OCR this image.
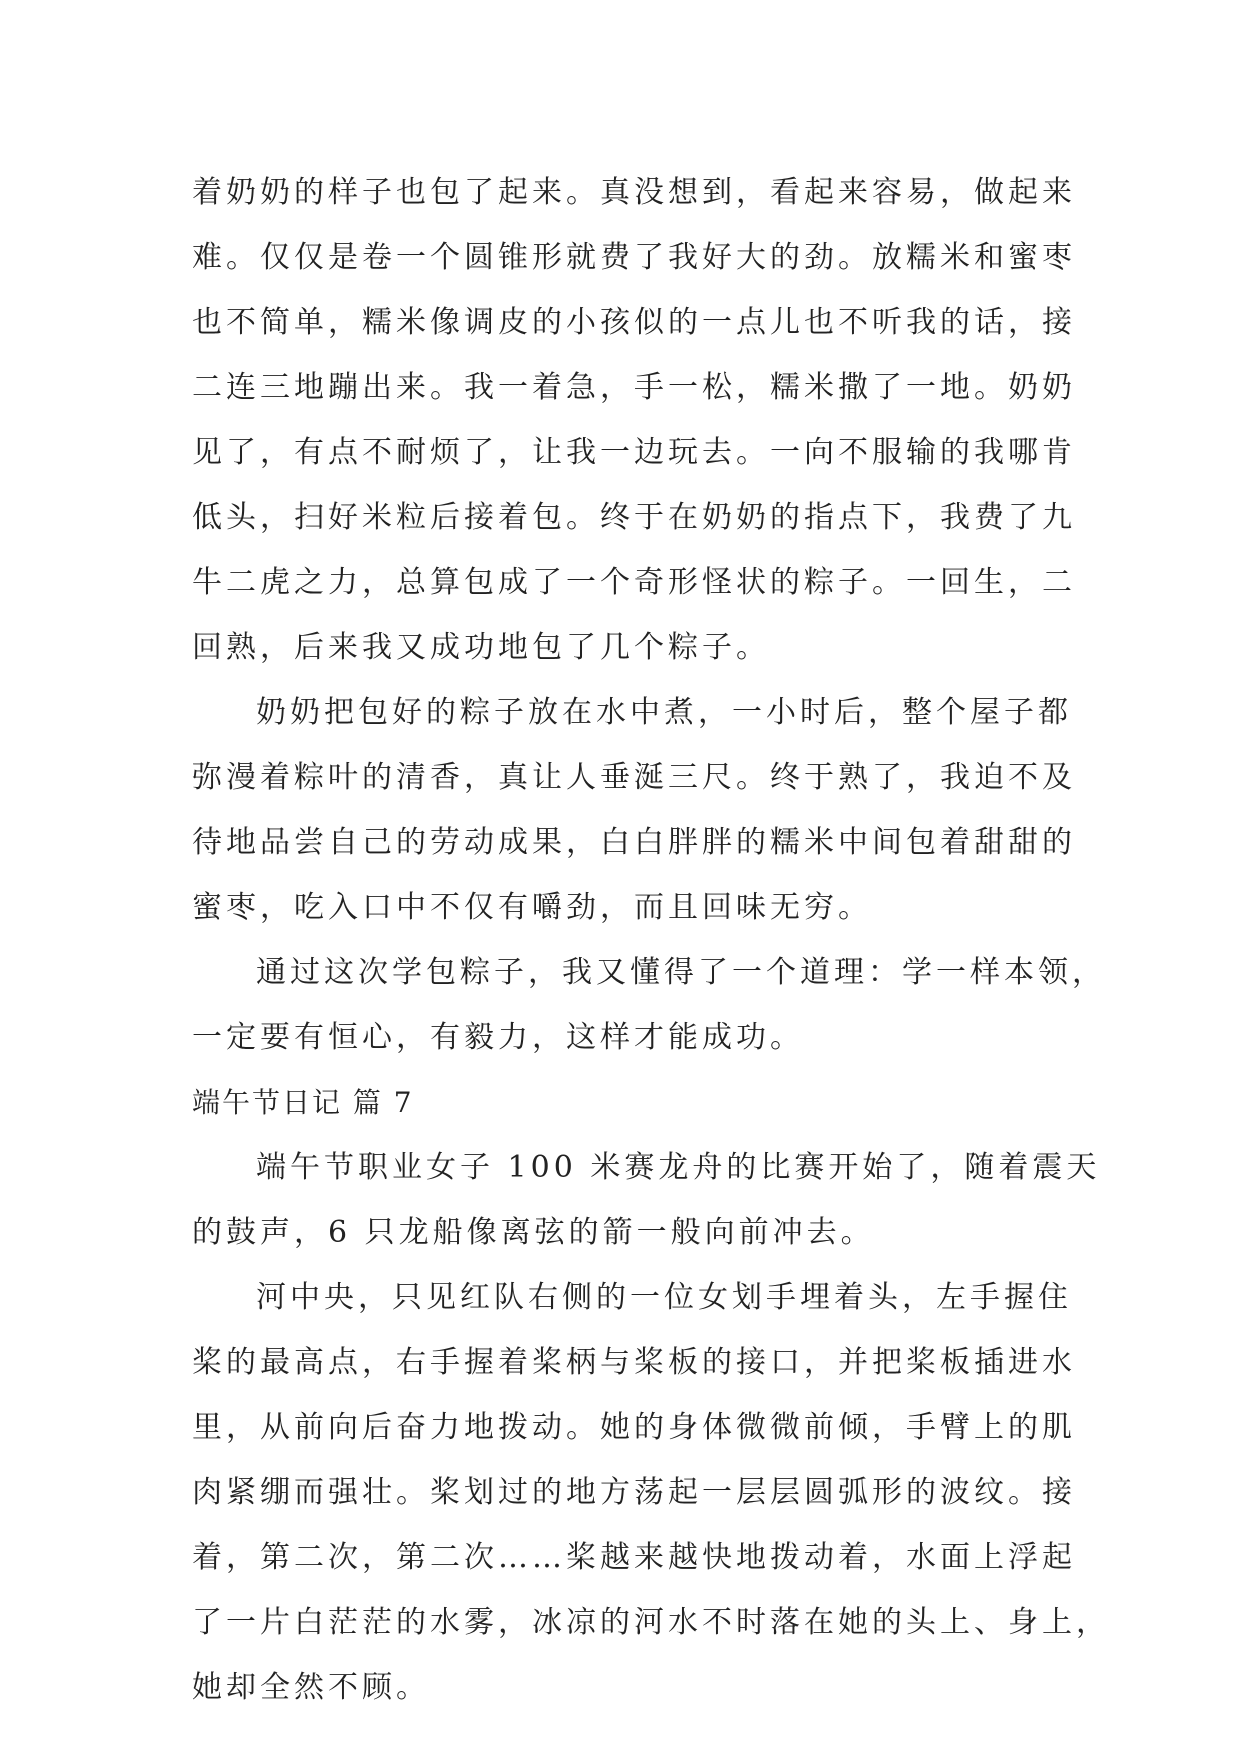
着奶奶的样子也包了起来。真没想到，看起来容易，做起来
难。仅仅是卷一个圆锥形就费了我好大的劲。放糯米和蜜枣
也不简单，糯米像调皮的小孩似的一点儿也不听我的话，接
二连三地蹦出来。我一着急，手一松，糯米撒了一地。奶奶
见了，有点不耐烦了，让我一边玩去。一向不服输的我哪肯
低头，扫好米粒后接着包。终于在奶奶的指点下，我费了九
牛二虎之力，总算包成了一个奇形怪状的粽子。一回生，二
回熟，后来我又成功地包了几个粽子。

奶奶把包好的粽子放在水中煮，一小时后，整个屋子都
弥漫着粽叶的清香，真让人垂涎三尺。终于熟了，我迫不及
待地品尝自己的劳动成果，白白胖胖的糯米中间包着甜甜的
蜜枣，吃入口中不仅有嚼劲，而且回味无穷。

通过这次学包粽子，我又懂得了一个道理：学一样本领，
一定要有恒心，有毅力，这样才能成功。

端午节日记 篇 7

端午节职业女子 100 米赛龙舟的比赛开始了，随着震天
的鼓声，6 只龙船像离弦的箭一般向前冲去。

河中央，只见红队右侧的一位女划手埋着头，左手握住
桨的最高点，右手握着桨柄与桨板的接口，并把桨板插进水
里，从前向后奋力地拨动。她的身体微微前倾，手臂上的肌
肉紧绷而强壮。桨划过的地方荡起一层层圆弧形的波纹。接
着，第二次，第二次……桨越来越快地拨动着，水面上浮起
了一片白茫茫的水雾，冰凉的河水不时落在她的头上、身上，
她却全然不顾。
